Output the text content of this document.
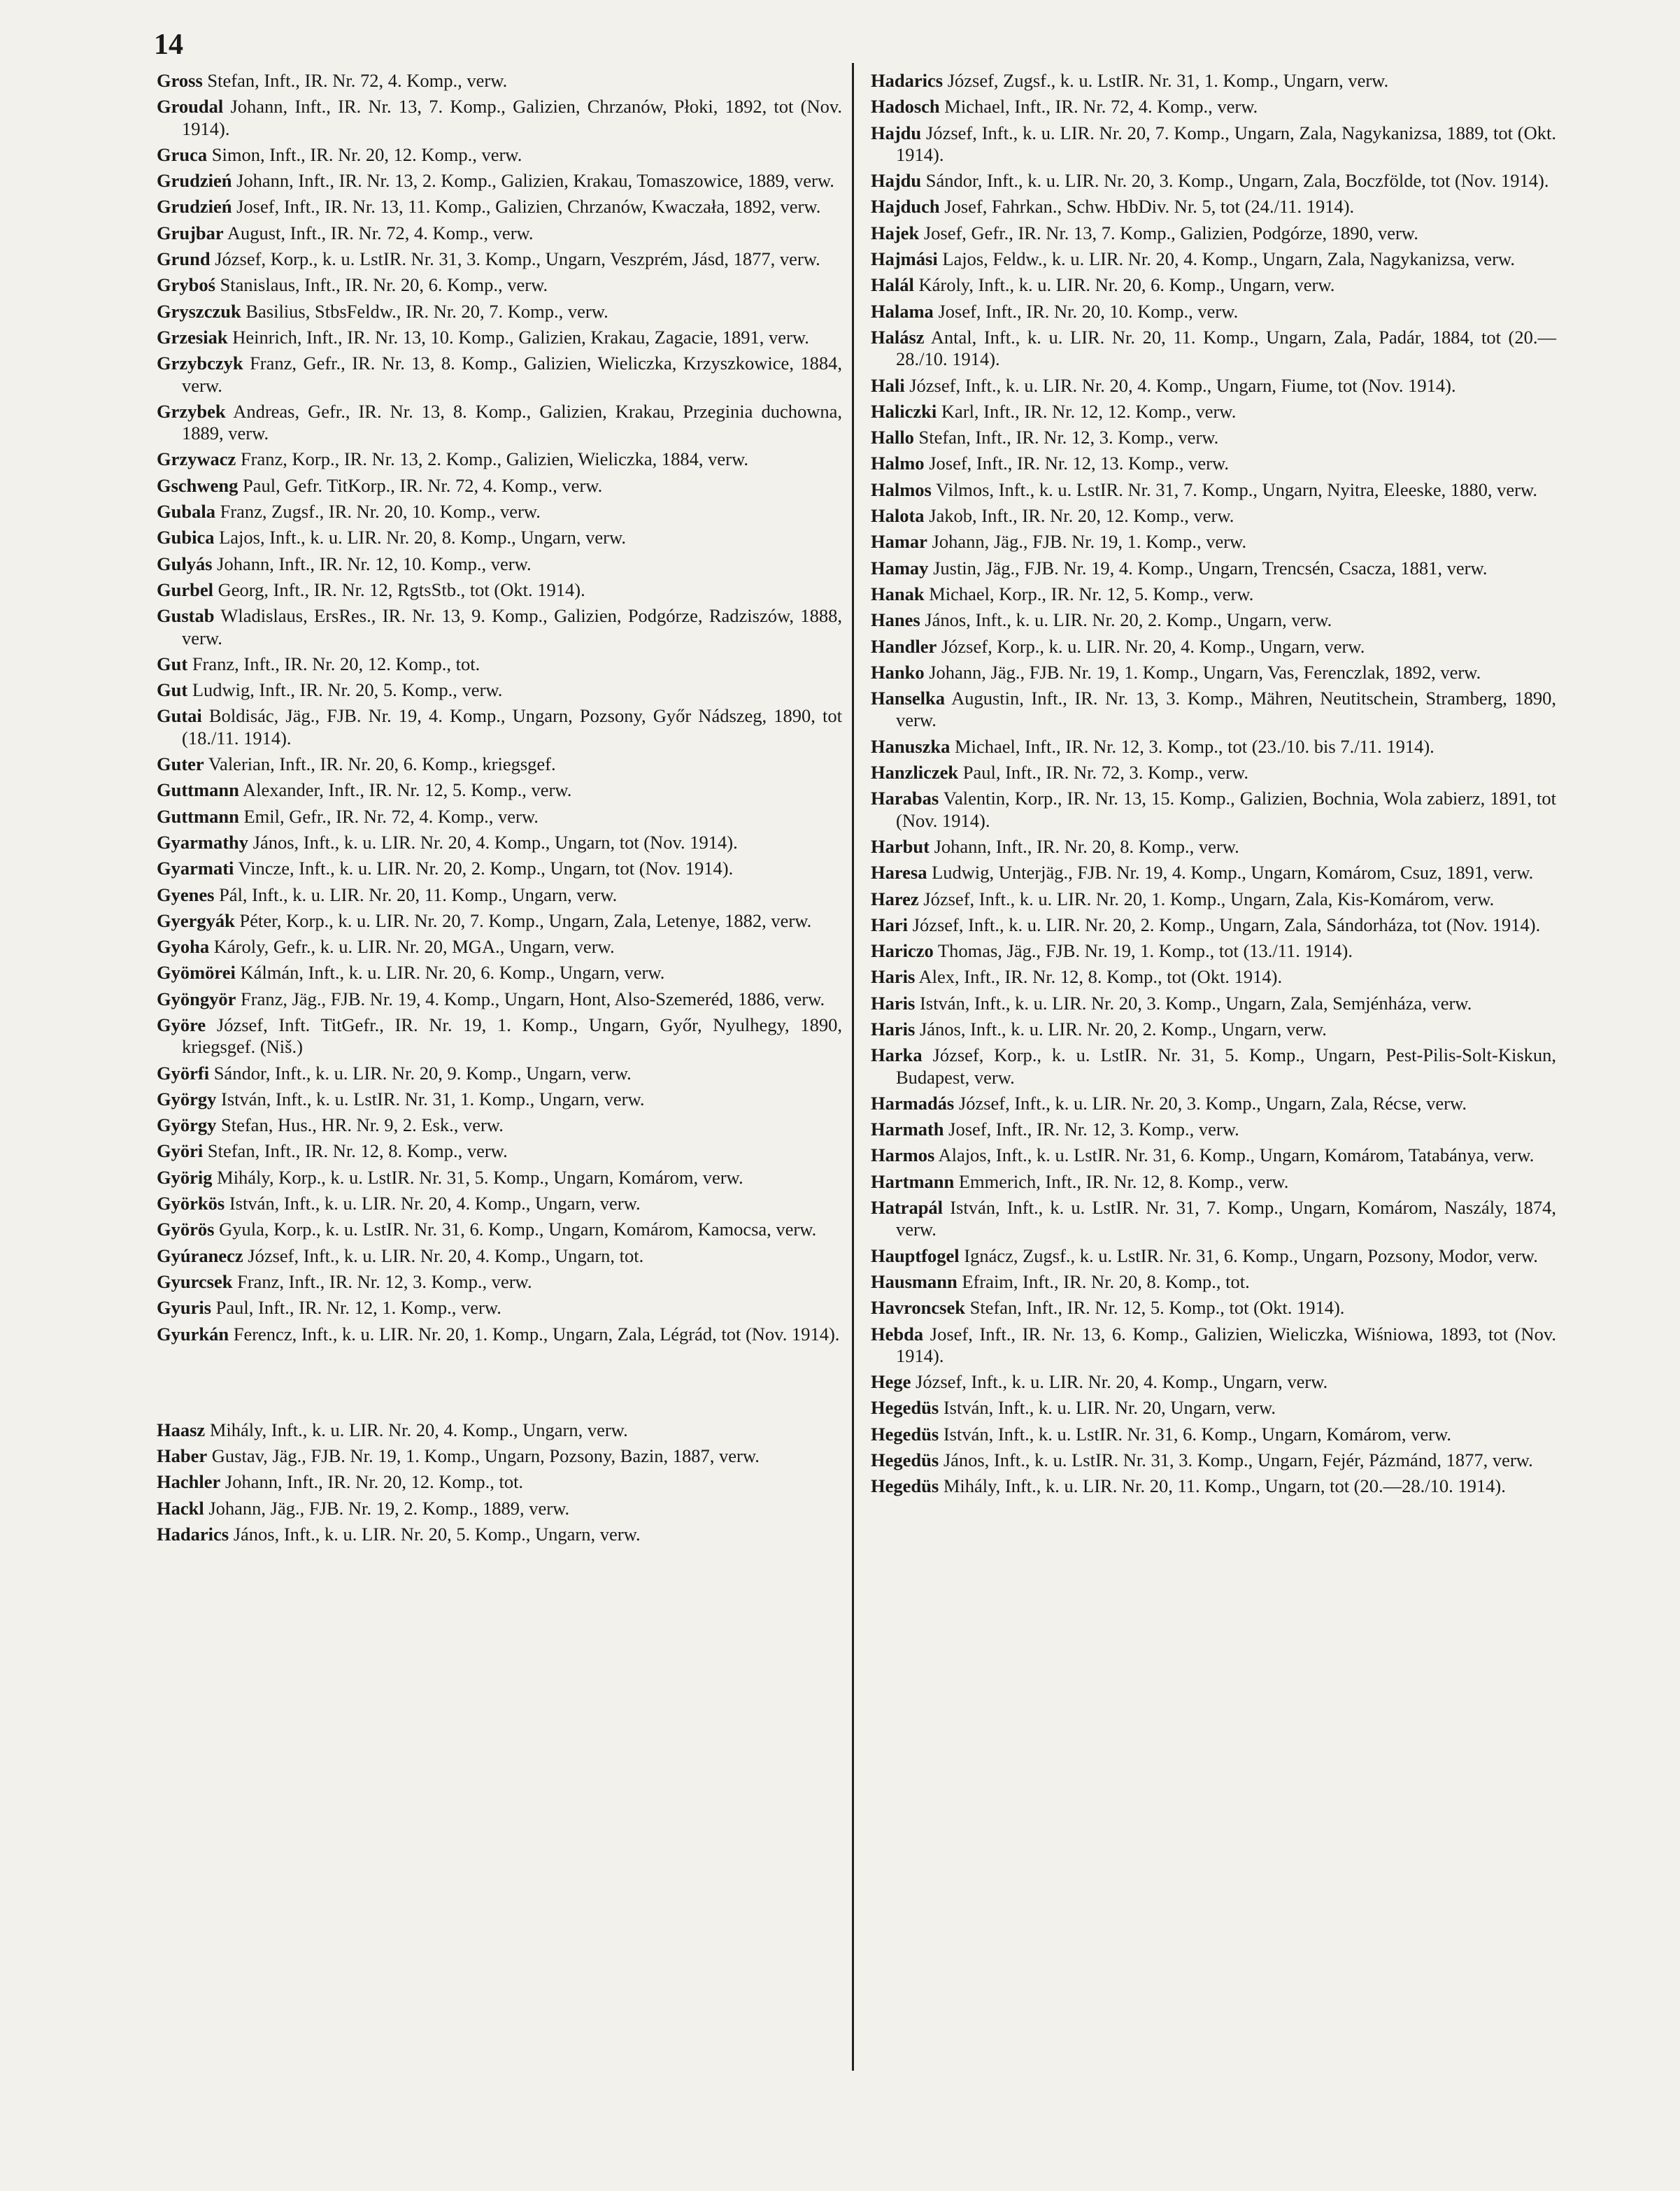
14

Gross Stefan, Inft., IR. Nr. 72, 4. Komp., verw.

Groudal Johann, Inft., IR. Nr. 13, 7. Komp., Galizien, Chrzanów, Płoki, 1892, tot (Nov. 1914).

Gruca Simon, Inft., IR. Nr. 20, 12. Komp., verw.

Grudzień Johann, Inft., IR. Nr. 13, 2. Komp., Galizien, Krakau, Tomaszowice, 1889, verw.

Grudzień Josef, Inft., IR. Nr. 13, 11. Komp., Galizien, Chrzanów, Kwaczała, 1892, verw.

Grujbar August, Inft., IR. Nr. 72, 4. Komp., verw.

Grund József, Korp., k. u. LstIR. Nr. 31, 3. Komp., Ungarn, Veszprém, Jásd, 1877, verw.

Gryboś Stanislaus, Inft., IR. Nr. 20, 6. Komp., verw.

Gryszczuk Basilius, StbsFeldw., IR. Nr. 20, 7. Komp., verw.

Grzesiak Heinrich, Inft., IR. Nr. 13, 10. Komp., Galizien, Krakau, Zagacie, 1891, verw.

Grzybczyk Franz, Gefr., IR. Nr. 13, 8. Komp., Galizien, Wieliczka, Krzyszkowice, 1884, verw.

Grzybek Andreas, Gefr., IR. Nr. 13, 8. Komp., Galizien, Krakau, Przeginia duchowna, 1889, verw.

Grzywacz Franz, Korp., IR. Nr. 13, 2. Komp., Galizien, Wieliczka, 1884, verw.

Gschweng Paul, Gefr. TitKorp., IR. Nr. 72, 4. Komp., verw.

Gubala Franz, Zugsf., IR. Nr. 20, 10. Komp., verw.

Gubica Lajos, Inft., k. u. LIR. Nr. 20, 8. Komp., Ungarn, verw.

Gulyás Johann, Inft., IR. Nr. 12, 10. Komp., verw.

Gurbel Georg, Inft., IR. Nr. 12, RgtsStb., tot (Okt. 1914).

Gustab Wladislaus, ErsRes., IR. Nr. 13, 9. Komp., Galizien, Podgórze, Radziszów, 1888, verw.

Gut Franz, Inft., IR. Nr. 20, 12. Komp., tot.

Gut Ludwig, Inft., IR. Nr. 20, 5. Komp., verw.

Gutai Boldisác, Jäg., FJB. Nr. 19, 4. Komp., Ungarn, Pozsony, Győr Nádszeg, 1890, tot (18./11. 1914).

Guter Valerian, Inft., IR. Nr. 20, 6. Komp., kriegsgef.

Guttmann Alexander, Inft., IR. Nr. 12, 5. Komp., verw.

Guttmann Emil, Gefr., IR. Nr. 72, 4. Komp., verw.

Gyarmathy János, Inft., k. u. LIR. Nr. 20, 4. Komp., Ungarn, tot (Nov. 1914).

Gyarmati Vincze, Inft., k. u. LIR. Nr. 20, 2. Komp., Ungarn, tot (Nov. 1914).

Gyenes Pál, Inft., k. u. LIR. Nr. 20, 11. Komp., Ungarn, verw.

Gyergyák Péter, Korp., k. u. LIR. Nr. 20, 7. Komp., Ungarn, Zala, Letenye, 1882, verw.

Gyoha Károly, Gefr., k. u. LIR. Nr. 20, MGA., Ungarn, verw.

Gyömörei Kálmán, Inft., k. u. LIR. Nr. 20, 6. Komp., Ungarn, verw.

Gyöngyör Franz, Jäg., FJB. Nr. 19, 4. Komp., Ungarn, Hont, Also-Szemeréd, 1886, verw.

Györe József, Inft. TitGefr., IR. Nr. 19, 1. Komp., Ungarn, Győr, Nyulhegy, 1890, kriegsgef. (Niš.)

Györfi Sándor, Inft., k. u. LIR. Nr. 20, 9. Komp., Ungarn, verw.

György István, Inft., k. u. LstIR. Nr. 31, 1. Komp., Ungarn, verw.

György Stefan, Hus., HR. Nr. 9, 2. Esk., verw.

Györi Stefan, Inft., IR. Nr. 12, 8. Komp., verw.

Györig Mihály, Korp., k. u. LstIR. Nr. 31, 5. Komp., Ungarn, Komárom, verw.

Györkös István, Inft., k. u. LIR. Nr. 20, 4. Komp., Ungarn, verw.

Györös Gyula, Korp., k. u. LstIR. Nr. 31, 6. Komp., Ungarn, Komárom, Kamocsa, verw.

Gyúranecz József, Inft., k. u. LIR. Nr. 20, 4. Komp., Ungarn, tot.

Gyurcsek Franz, Inft., IR. Nr. 12, 3. Komp., verw.

Gyuris Paul, Inft., IR. Nr. 12, 1. Komp., verw.

Gyurkán Ferencz, Inft., k. u. LIR. Nr. 20, 1. Komp., Ungarn, Zala, Légrád, tot (Nov. 1914).

Haasz Mihály, Inft., k. u. LIR. Nr. 20, 4. Komp., Ungarn, verw.

Haber Gustav, Jäg., FJB. Nr. 19, 1. Komp., Ungarn, Pozsony, Bazin, 1887, verw.

Hachler Johann, Inft., IR. Nr. 20, 12. Komp., tot.

Hackl Johann, Jäg., FJB. Nr. 19, 2. Komp., 1889, verw.

Hadarics János, Inft., k. u. LIR. Nr. 20, 5. Komp., Ungarn, verw.

Hadarics József, Zugsf., k. u. LstIR. Nr. 31, 1. Komp., Ungarn, verw.

Hadosch Michael, Inft., IR. Nr. 72, 4. Komp., verw.

Hajdu József, Inft., k. u. LIR. Nr. 20, 7. Komp., Ungarn, Zala, Nagykanizsa, 1889, tot (Okt. 1914).

Hajdu Sándor, Inft., k. u. LIR. Nr. 20, 3. Komp., Ungarn, Zala, Boczfölde, tot (Nov. 1914).

Hajduch Josef, Fahrkan., Schw. HbDiv. Nr. 5, tot (24./11. 1914).

Hajek Josef, Gefr., IR. Nr. 13, 7. Komp., Galizien, Podgórze, 1890, verw.

Hajmási Lajos, Feldw., k. u. LIR. Nr. 20, 4. Komp., Ungarn, Zala, Nagykanizsa, verw.

Halál Károly, Inft., k. u. LIR. Nr. 20, 6. Komp., Ungarn, verw.

Halama Josef, Inft., IR. Nr. 20, 10. Komp., verw.

Halász Antal, Inft., k. u. LIR. Nr. 20, 11. Komp., Ungarn, Zala, Padár, 1884, tot (20.—28./10. 1914).

Hali József, Inft., k. u. LIR. Nr. 20, 4. Komp., Ungarn, Fiume, tot (Nov. 1914).

Haliczki Karl, Inft., IR. Nr. 12, 12. Komp., verw.

Hallo Stefan, Inft., IR. Nr. 12, 3. Komp., verw.

Halmo Josef, Inft., IR. Nr. 12, 13. Komp., verw.

Halmos Vilmos, Inft., k. u. LstIR. Nr. 31, 7. Komp., Ungarn, Nyitra, Eleeske, 1880, verw.

Halota Jakob, Inft., IR. Nr. 20, 12. Komp., verw.

Hamar Johann, Jäg., FJB. Nr. 19, 1. Komp., verw.

Hamay Justin, Jäg., FJB. Nr. 19, 4. Komp., Ungarn, Trencsén, Csacza, 1881, verw.

Hanak Michael, Korp., IR. Nr. 12, 5. Komp., verw.

Hanes János, Inft., k. u. LIR. Nr. 20, 2. Komp., Ungarn, verw.

Handler József, Korp., k. u. LIR. Nr. 20, 4. Komp., Ungarn, verw.

Hanko Johann, Jäg., FJB. Nr. 19, 1. Komp., Ungarn, Vas, Ferenczlak, 1892, verw.

Hanselka Augustin, Inft., IR. Nr. 13, 3. Komp., Mähren, Neutitschein, Stramberg, 1890, verw.

Hanuszka Michael, Inft., IR. Nr. 12, 3. Komp., tot (23./10. bis 7./11. 1914).

Hanzliczek Paul, Inft., IR. Nr. 72, 3. Komp., verw.

Harabas Valentin, Korp., IR. Nr. 13, 15. Komp., Galizien, Bochnia, Wola zabierz, 1891, tot (Nov. 1914).

Harbut Johann, Inft., IR. Nr. 20, 8. Komp., verw.

Haresa Ludwig, Unterjäg., FJB. Nr. 19, 4. Komp., Ungarn, Komárom, Csuz, 1891, verw.

Harez József, Inft., k. u. LIR. Nr. 20, 1. Komp., Ungarn, Zala, Kis-Komárom, verw.

Hari József, Inft., k. u. LIR. Nr. 20, 2. Komp., Ungarn, Zala, Sándorháza, tot (Nov. 1914).

Hariczo Thomas, Jäg., FJB. Nr. 19, 1. Komp., tot (13./11. 1914).

Haris Alex, Inft., IR. Nr. 12, 8. Komp., tot (Okt. 1914).

Haris István, Inft., k. u. LIR. Nr. 20, 3. Komp., Ungarn, Zala, Semjénháza, verw.

Haris János, Inft., k. u. LIR. Nr. 20, 2. Komp., Ungarn, verw.

Harka József, Korp., k. u. LstIR. Nr. 31, 5. Komp., Ungarn, Pest-Pilis-Solt-Kiskun, Budapest, verw.

Harmadás József, Inft., k. u. LIR. Nr. 20, 3. Komp., Ungarn, Zala, Récse, verw.

Harmath Josef, Inft., IR. Nr. 12, 3. Komp., verw.

Harmos Alajos, Inft., k. u. LstIR. Nr. 31, 6. Komp., Ungarn, Komárom, Tatabánya, verw.

Hartmann Emmerich, Inft., IR. Nr. 12, 8. Komp., verw.

Hatrapál István, Inft., k. u. LstIR. Nr. 31, 7. Komp., Ungarn, Komárom, Naszály, 1874, verw.

Hauptfogel Ignácz, Zugsf., k. u. LstIR. Nr. 31, 6. Komp., Ungarn, Pozsony, Modor, verw.

Hausmann Efraim, Inft., IR. Nr. 20, 8. Komp., tot.

Havroncsek Stefan, Inft., IR. Nr. 12, 5. Komp., tot (Okt. 1914).

Hebda Josef, Inft., IR. Nr. 13, 6. Komp., Galizien, Wieliczka, Wiśniowa, 1893, tot (Nov. 1914).

Hege József, Inft., k. u. LIR. Nr. 20, 4. Komp., Ungarn, verw.

Hegedüs István, Inft., k. u. LIR. Nr. 20, Ungarn, verw.

Hegedüs István, Inft., k. u. LstIR. Nr. 31, 6. Komp., Ungarn, Komárom, verw.

Hegedüs János, Inft., k. u. LstIR. Nr. 31, 3. Komp., Ungarn, Fejér, Pázmánd, 1877, verw.

Hegedüs Mihály, Inft., k. u. LIR. Nr. 20, 11. Komp., Ungarn, tot (20.—28./10. 1914).
